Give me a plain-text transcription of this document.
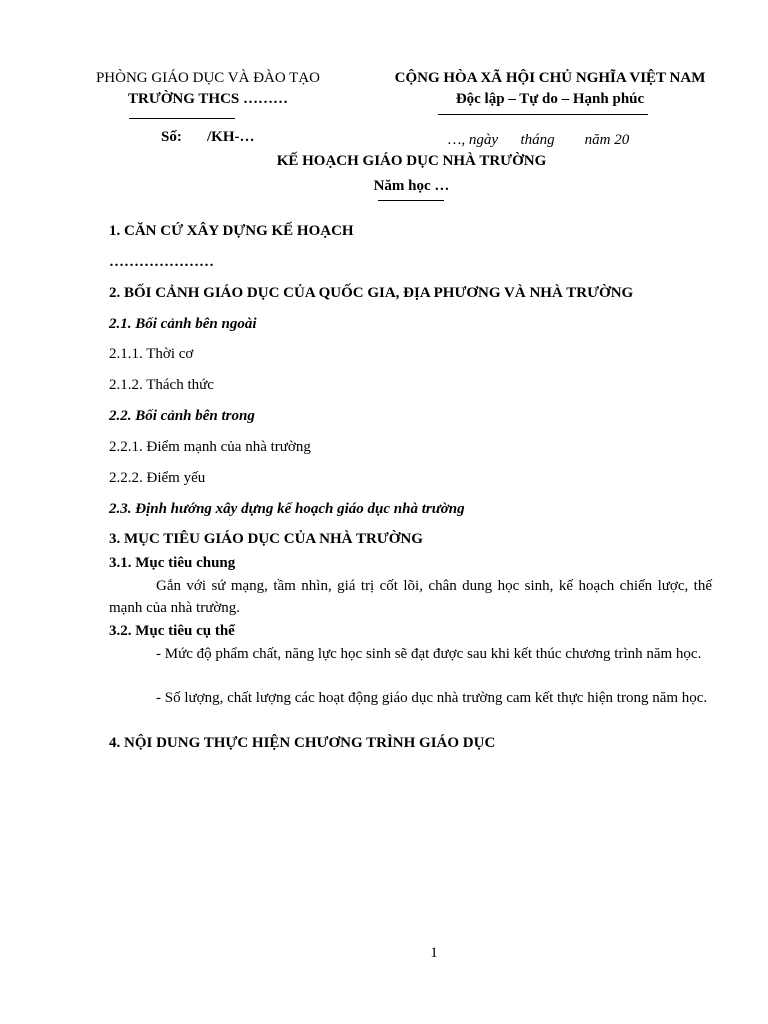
PHÒNG GIÁO DỤC VÀ ĐÀO TẠO
TRƯỜNG THCS ………
CỘNG HÒA XÃ HỘI CHỦ NGHĨA VIỆT NAM
Độc lập – Tự do – Hạnh phúc
Số: /KH-…	…, ngày      tháng        năm 20
KẾ HOẠCH GIÁO DỤC NHÀ TRƯỜNG
Năm học …
1. CĂN CỨ XÂY DỰNG KẾ HOẠCH
…………………
2. BỐI CẢNH GIÁO DỤC CỦA QUỐC GIA, ĐỊA PHƯƠNG VÀ NHÀ TRƯỜNG
2.1. Bối cảnh bên ngoài
2.1.1. Thời cơ
2.1.2. Thách thức
2.2. Bối cảnh bên trong
2.2.1. Điểm mạnh của nhà trường
2.2.2. Điểm yếu
2.3. Định hướng xây dựng kế hoạch giáo dục nhà trường
3. MỤC TIÊU GIÁO DỤC CỦA NHÀ TRƯỜNG
3.1. Mục tiêu chung
Gắn với sứ mạng, tầm nhìn, giá trị cốt lõi, chân dung học sinh, kế hoạch chiến lược, thế mạnh của nhà trường.
3.2. Mục tiêu cụ thể
- Mức độ phẩm chất, năng lực học sinh sẽ đạt được sau khi kết thúc chương trình năm học.
- Số lượng, chất lượng các hoạt động giáo dục nhà trường cam kết thực hiện trong năm học.
4. NỘI DUNG THỰC HIỆN CHƯƠNG TRÌNH GIÁO DỤC
1
